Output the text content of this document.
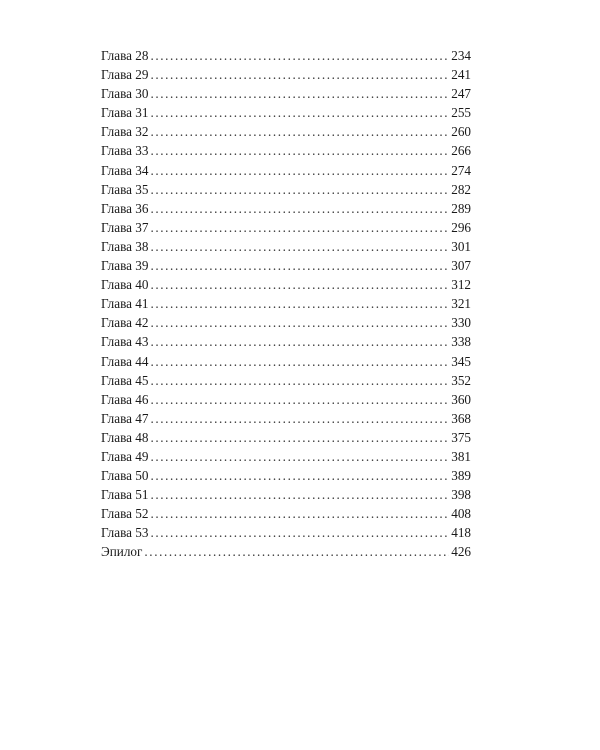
Глава 28 .....	234
Глава 29 .....	241
Глава 30 .....	247
Глава 31 .....	255
Глава 32 .....	260
Глава 33 .....	266
Глава 34 .....	274
Глава 35 .....	282
Глава 36 .....	289
Глава 37 .....	296
Глава 38 .....	301
Глава 39 .....	307
Глава 40 .....	312
Глава 41 .....	321
Глава 42 .....	330
Глава 43 .....	338
Глава 44 .....	345
Глава 45 .....	352
Глава 46 .....	360
Глава 47 .....	368
Глава 48 .....	375
Глава 49 .....	381
Глава 50 .....	389
Глава 51 .....	398
Глава 52 .....	408
Глава 53 .....	418
Эпилог .....	426
